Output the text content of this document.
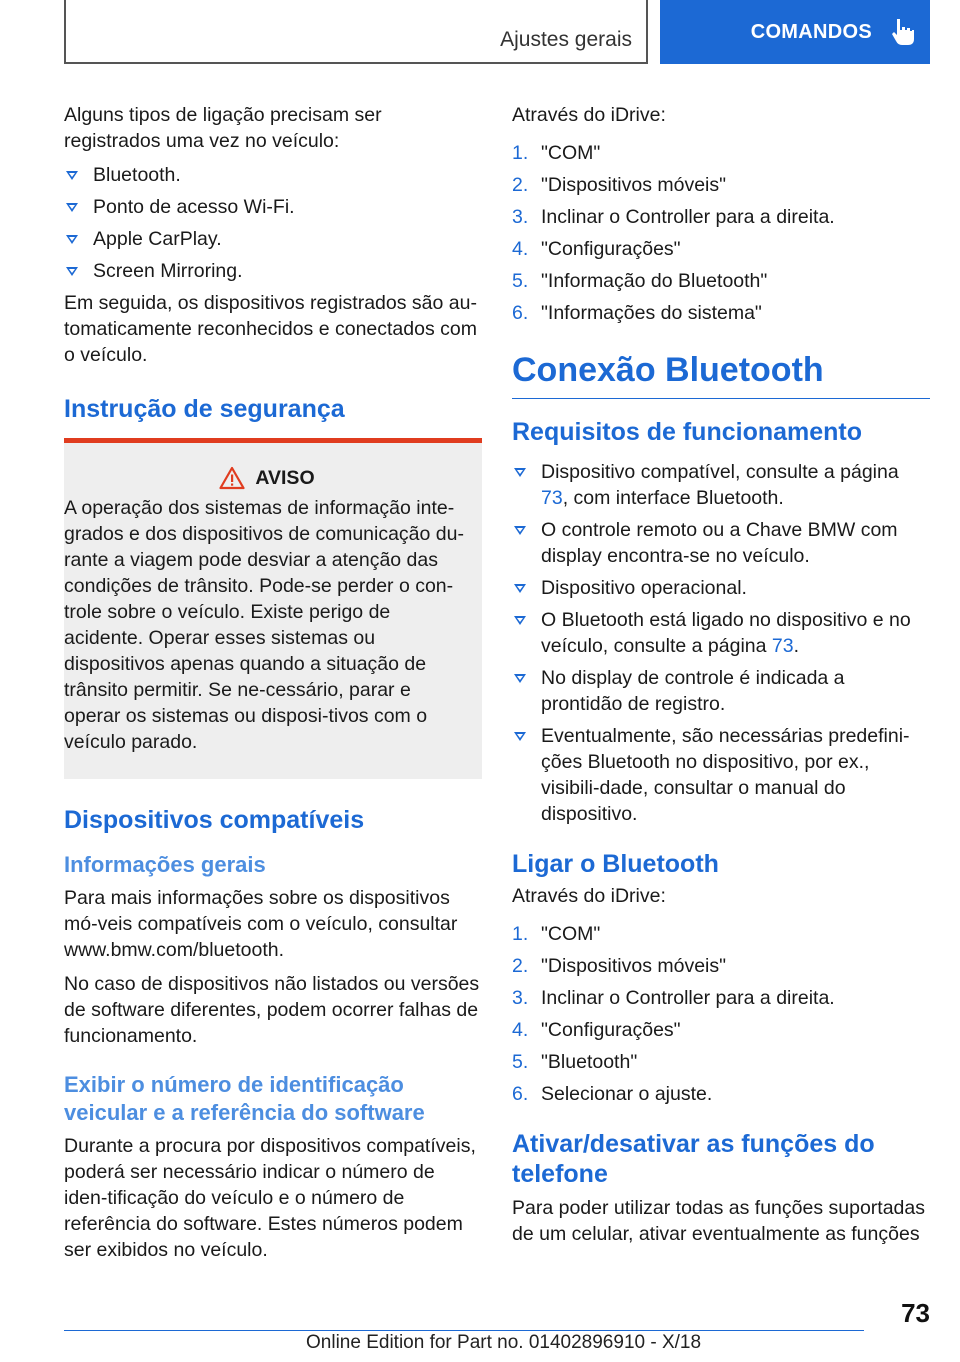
Ajustes gerais	COMANDOS

Alguns tipos de ligação precisam ser registrados uma vez no veículo:

Bluetooth.
Ponto de acesso Wi-Fi.
Apple CarPlay.
Screen Mirroring.

Em seguida, os dispositivos registrados são au-tomaticamente reconhecidos e conectados com o veículo.

Instrução de segurança
AVISO
A operação dos sistemas de informação inte-grados e dos dispositivos de comunicação du-rante a viagem pode desviar a atenção das condições de trânsito. Pode-se perder o con-trole sobre o veículo. Existe perigo de acidente. Operar esses sistemas ou dispositivos apenas quando a situação de trânsito permitir. Se ne-cessário, parar e operar os sistemas ou disposi-tivos com o veículo parado.
Dispositivos compatíveis
Informações gerais

Para mais informações sobre os dispositivos mó-veis compatíveis com o veículo, consultar www.bmw.com/bluetooth.

No caso de dispositivos não listados ou versões de software diferentes, podem ocorrer falhas de funcionamento.

Exibir o número de identificação veicular e a referência do software

Durante a procura por dispositivos compatíveis, poderá ser necessário indicar o número de iden-tificação do veículo e o número de referência do software. Estes números podem ser exibidos no veículo.

Através do iDrive:

1. "COM"
2. "Dispositivos móveis"
3. Inclinar o Controller para a direita.
4. "Configurações"
5. "Informação do Bluetooth"
6. "Informações do sistema"
Conexão Bluetooth
Requisitos de funcionamento
Dispositivo compatível, consulte a página 73, com interface Bluetooth.
O controle remoto ou a Chave BMW com display encontra-se no veículo.
Dispositivo operacional.
O Bluetooth está ligado no dispositivo e no veículo, consulte a página 73.
No display de controle é indicada a prontidão de registro.
Eventualmente, são necessárias predefini-ções Bluetooth no dispositivo, por ex., visibili-dade, consultar o manual do dispositivo.
Ligar o Bluetooth

Através do iDrive:

1. "COM"
2. "Dispositivos móveis"
3. Inclinar o Controller para a direita.
4. "Configurações"
5. "Bluetooth"
6. Selecionar o ajuste.
Ativar/desativar as funções do telefone

Para poder utilizar todas as funções suportadas de um celular, ativar eventualmente as funções

73
Online Edition for Part no. 01402896910 - X/18
